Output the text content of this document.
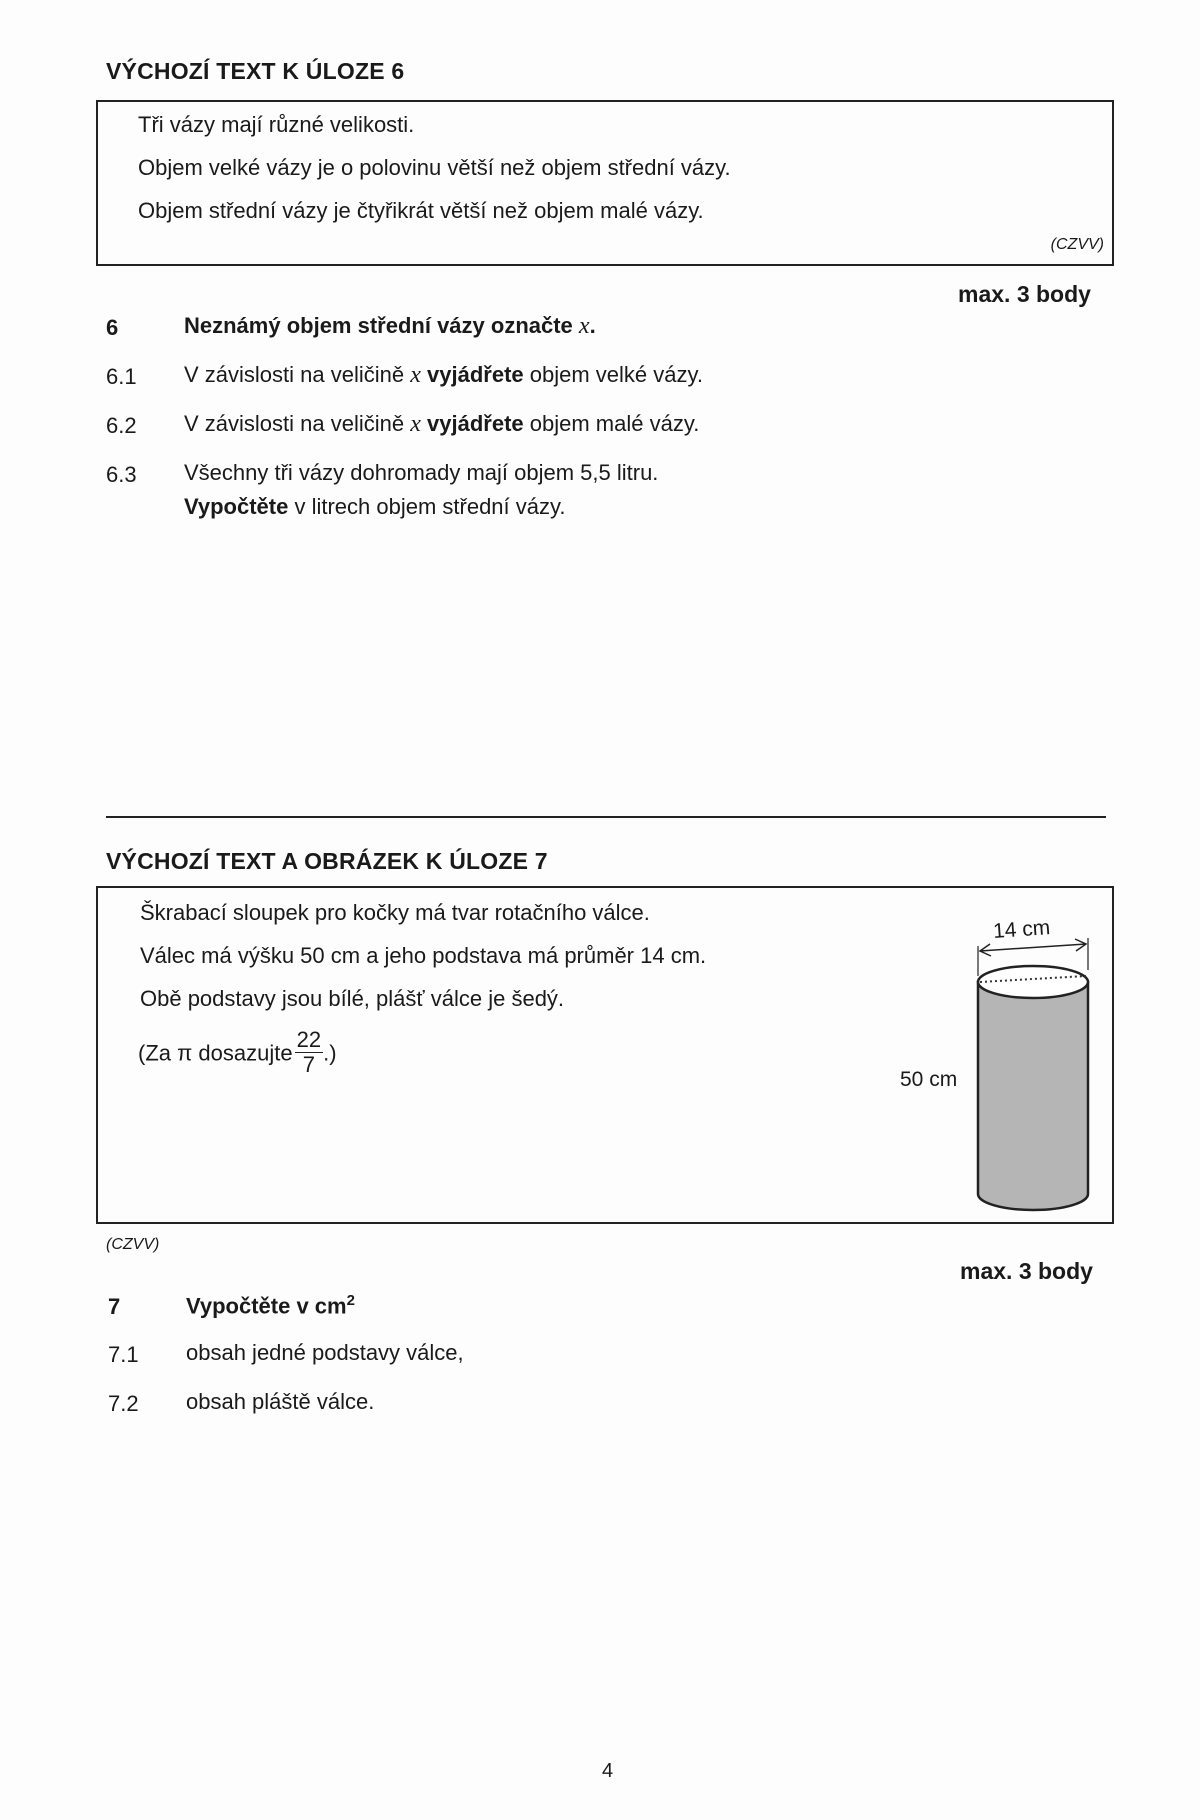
VÝCHOZÍ TEXT K ÚLOZE 6
Tři vázy mají různé velikosti.
Objem velké vázy je o polovinu větší než objem střední vázy.
Objem střední vázy je čtyřikrát větší než objem malé vázy.
(CZVV)
max. 3 body
6	Neznámý objem střední vázy označte x.
6.1 V závislosti na veličině x vyjádřete objem velké vázy.
6.2 V závislosti na veličině x vyjádřete objem malé vázy.
6.3 Všechny tři vázy dohromady mají objem 5,5 litru.
Vypočtěte v litrech objem střední vázy.
VÝCHOZÍ TEXT A OBRÁZEK K ÚLOZE 7
Škrabací sloupek pro kočky má tvar rotačního válce.
Válec má výšku 50 cm a jeho podstava má průměr 14 cm.
Obě podstavy jsou bílé, plášť válce je šedý.
(Za π dosazujte $\frac{22}{7}$ .)
50 cm
14 cm
(CZVV)
max. 3 body
7	Vypočtěte v $cm^2$
7.1 obsah jedné podstavy válce,
7.2 obsah pláště válce.
4
